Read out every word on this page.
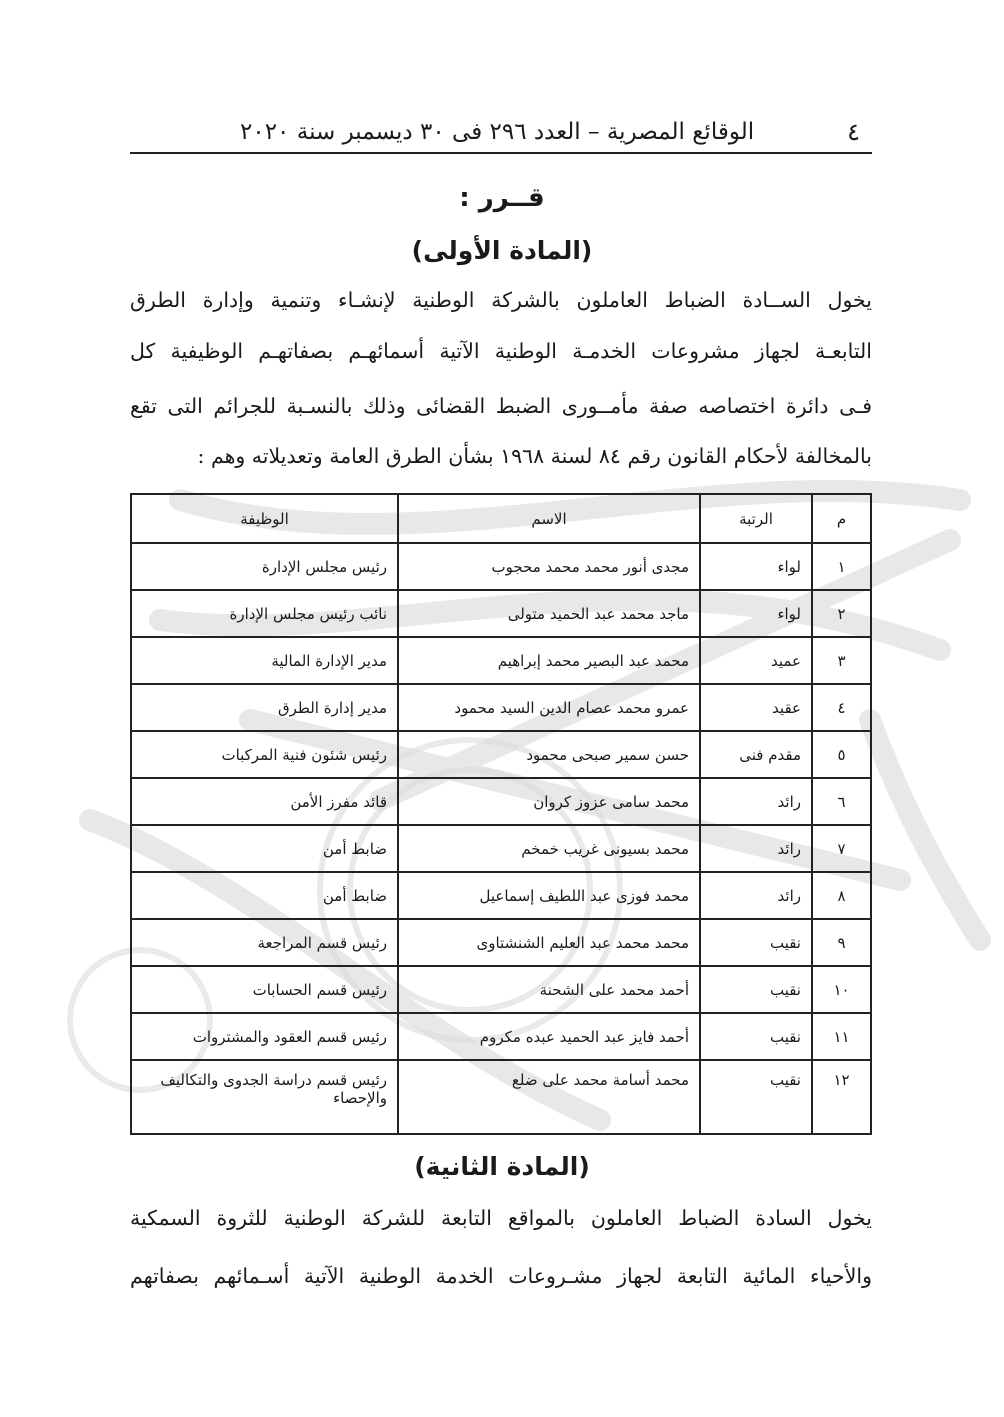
٤
الوقائع المصرية – العدد ٢٩٦ فى ٣٠ ديسمبر سنة ٢٠٢٠
قــرر :
(المادة الأولى)
يخول الســادة الضباط العاملون بالشركة الوطنية لإنشـاء وتنمية وإدارة الطرق
التابعـة لجهاز مشروعات الخدمـة الوطنية الآتية أسمائهـم بصفاتهـم الوظيفية كل
فـى دائرة اختصاصه صفة مأمــورى الضبط القضائى وذلك بالنسـبة للجرائم التى تقع
بالمخالفة لأحكام القانون رقم ٨٤ لسنة ١٩٦٨ بشأن الطرق العامة وتعديلاته وهم :
م	الرتبة	الاسم	الوظيفة
١	لواء	مجدى أنور محمد محمد محجوب	رئيس مجلس الإدارة
٢	لواء	ماجد محمد عبد الحميد متولى	نائب رئيس مجلس الإدارة
٣	عميد	محمد عبد البصير محمد إبراهيم	مدير الإدارة المالية
٤	عقيد	عمرو محمد عصام الدين السيد محمود	مدير إدارة الطرق
٥	مقدم فنى	حسن سمير صبحى محمود	رئيس شئون فنية المركبات
٦	رائد	محمد سامى عزوز كروان	قائد مفرز الأمن
٧	رائد	محمد بسيونى غريب خمخم	ضابط أمن
٨	رائد	محمد فوزى عبد اللطيف إسماعيل	ضابط أمن
٩	نقيب	محمد محمد عبد العليم الشنشتاوى	رئيس قسم المراجعة
١٠	نقيب	أحمد محمد على الشحنة	رئيس قسم الحسابات
١١	نقيب	أحمد فايز عبد الحميد عبده مكروم	رئيس قسم العقود والمشتروات
١٢	نقيب	محمد أسامة محمد على ضلع	رئيس قسم دراسة الجدوى والتكاليف والإحصاء
(المادة الثانية)
يخول السادة الضباط العاملون بالمواقع التابعة للشركة الوطنية للثروة السمكية
والأحياء المائية التابعة لجهاز مشـروعات الخدمة الوطنية الآتية أسـمائهم بصفاتهم
